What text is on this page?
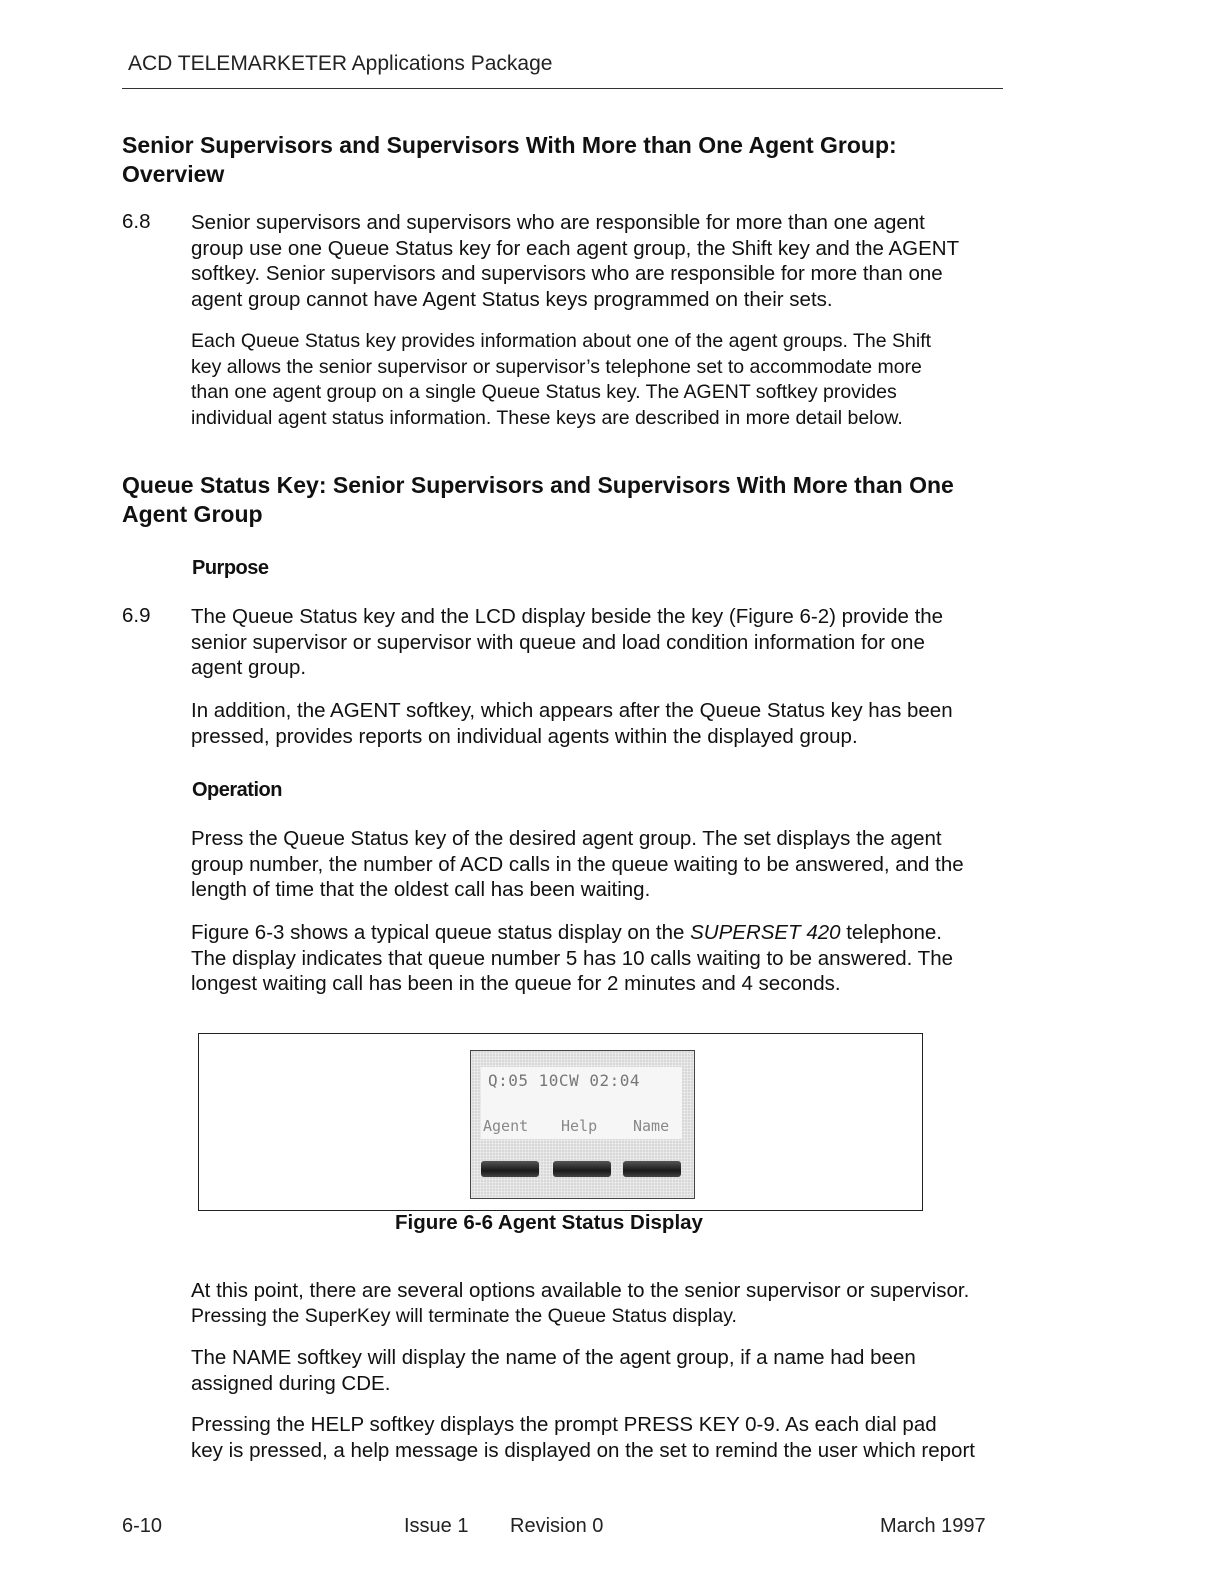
ACD TELEMARKETER Applications Package
Senior Supervisors and Supervisors With More than One Agent Group:
Overview
6.8 Senior supervisors and supervisors who are responsible for more than one agent
group use one Queue Status key for each agent group, the Shift key and the AGENT
softkey. Senior supervisors and supervisors who are responsible for more than one
agent group cannot have Agent Status keys programmed on their sets.
Each Queue Status key provides information about one of the agent groups. The Shift
key allows the senior supervisor or supervisor’s telephone set to accommodate more
than one agent group on a single Queue Status key. The AGENT softkey provides
individual agent status information. These keys are described in more detail below.
Queue Status Key: Senior Supervisors and Supervisors With More than One
Agent Group
Purpose
6.9 The Queue Status key and the LCD display beside the key (Figure 6-2) provide the
senior supervisor or supervisor with queue and load condition information for one
agent group.
In addition, the AGENT softkey, which appears after the Queue Status key has been
pressed, provides reports on individual agents within the displayed group.
Operation
Press the Queue Status key of the desired agent group. The set displays the agent
group number, the number of ACD calls in the queue waiting to be answered, and the
length of time that the oldest call has been waiting.
Figure 6-3 shows a typical queue status display on the SUPERSET 420 telephone.
The display indicates that queue number 5 has 10 calls waiting to be answered. The
longest waiting call has been in the queue for 2 minutes and 4 seconds.
Q:05 10CW 02:04
Agent Help Name
Figure 6-6 Agent Status Display
At this point, there are several options available to the senior supervisor or supervisor.
Pressing the SuperKey will terminate the Queue Status display.
The NAME softkey will display the name of the agent group, if a name had been
assigned during CDE.
Pressing the HELP softkey displays the prompt PRESS KEY 0-9. As each dial pad
key is pressed, a help message is displayed on the set to remind the user which report
6-10	Issue 1 Revision 0	March 1997
